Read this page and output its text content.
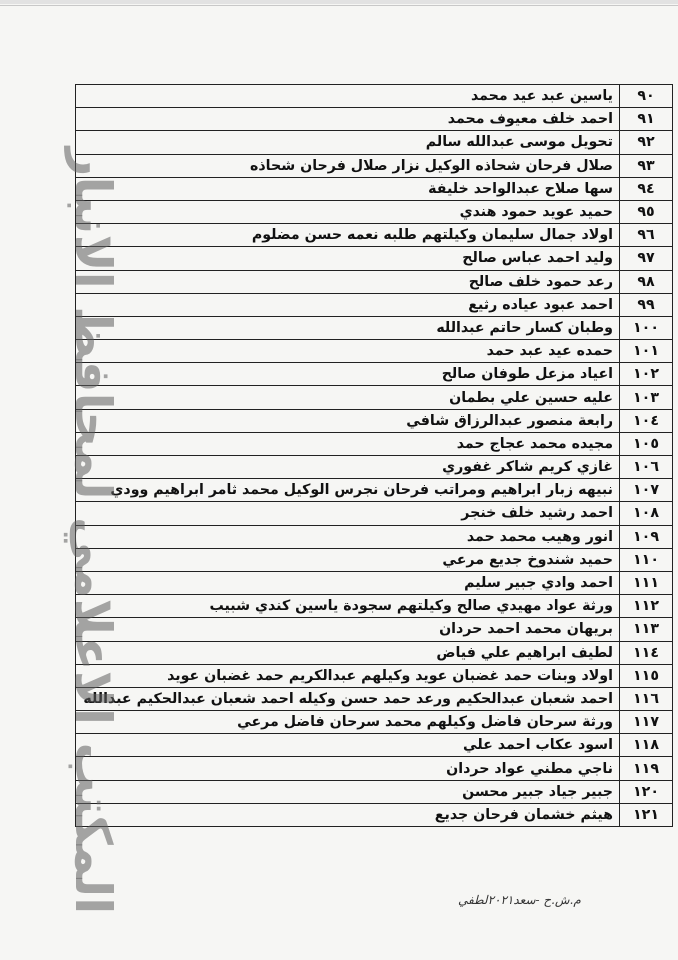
٩٠	ياسين عبد عيد محمد
٩١	احمد خلف معيوف محمد
٩٢	تحويل موسى عبدالله سالم
٩٣	صلال فرحان شحاذه الوكيل نزار صلال فرحان شحاذه
٩٤	سها صلاح عبدالواحد خليفة
٩٥	حميد عويد حمود هندي
٩٦	اولاد جمال سليمان وكيلتهم طلبه نعمه حسن مضلوم
٩٧	وليد احمد عباس صالح
٩٨	رعد حمود خلف صالح
٩٩	احمد عبود عياده رثيع
١٠٠	وطبان كسار حاتم عبدالله
١٠١	حمده عيد عبد حمد
١٠٢	اعياد مزعل طوفان صالح
١٠٣	عليه حسين علي بطمان
١٠٤	رابعة منصور عبدالرزاق شافي
١٠٥	مجيده محمد عجاج حمد
١٠٦	غازي كريم شاكر غفوري
١٠٧	نبيهه زبار ابراهيم ومراتب فرحان نجرس الوكيل محمد ثامر ابراهيم وودي
١٠٨	احمد رشيد خلف خنجر
١٠٩	انور وهيب محمد حمد
١١٠	حميد شندوخ جديع مرعي
١١١	احمد وادي جبير سليم
١١٢	ورثة عواد مهيدي صالح وكيلتهم سجودة ياسين كندي شبيب
١١٣	بريهان محمد احمد حردان
١١٤	لطيف ابراهيم علي فياض
١١٥	اولاد وبنات حمد غضبان عويد وكيلهم عبدالكريم حمد غضبان عويد
١١٦	احمد شعبان عبدالحكيم ورعد حمد حسن وكيله احمد شعبان عبدالحكيم عبدالله
١١٧	ورثة سرحان فاضل وكيلهم محمد سرحان فاضل مرعي
١١٨	اسود عكاب احمد علي
١١٩	ناجي مطني عواد حردان
١٢٠	جبير جياد جبير محسن
١٢١	هيثم خشمان فرحان جديع
المكتب الاعلامي لمحافظ الانبار	م.ش.ح -سعد٢٠٢١لطفي
